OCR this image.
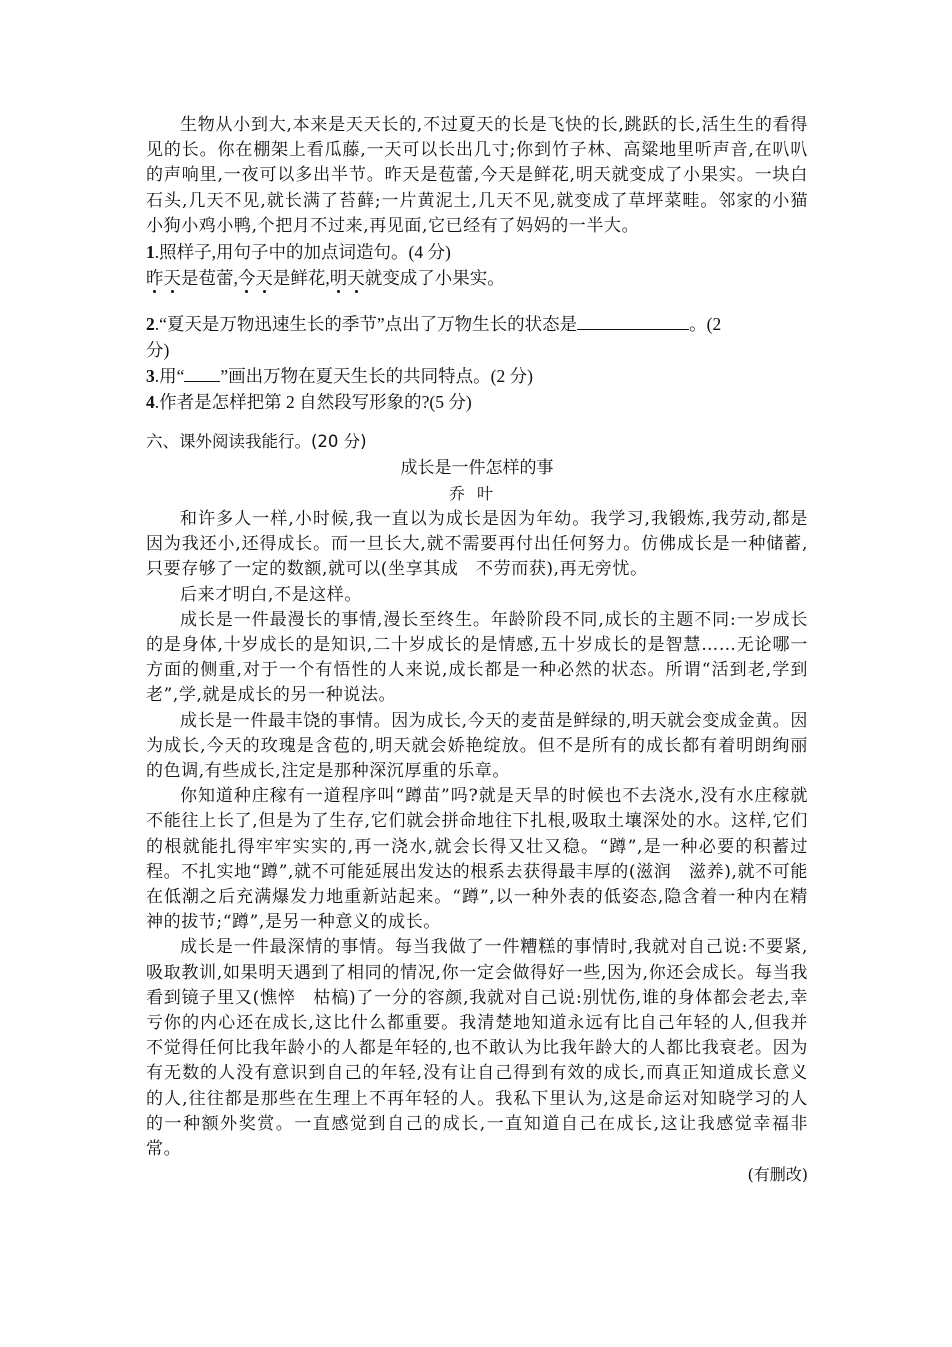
生物从小到大,本来是天天长的,不过夏天的长是飞快的长,跳跃的长,活生生的看得见的长。你在棚架上看瓜藤,一天可以长出几寸;你到竹子林、高粱地里听声音,在叭叭的声响里,一夜可以多出半节。昨天是苞蕾,今天是鲜花,明天就变成了小果实。一块白石头,几天不见,就长满了苔藓;一片黄泥土,几天不见,就变成了草坪菜畦。邻家的小猫小狗小鸡小鸭,个把月不过来,再见面,它已经有了妈妈的一半大。

1.照样子,用句子中的加点词造句。(4 分)

昨天是苞蕾,今天是鲜花,明天就变成了小果实。

2.“夏天是万物迅速生长的季节”点出了万物生长的状态是	。(2
分)

3.用“ ”画出万物在夏天生长的共同特点。(2 分)

4.作者是怎样把第 2 自然段写形象的?(5 分)

六、课外阅读我能行。(20 分)

成长是一件怎样的事

乔叶

和许多人一样,小时候,我一直以为成长是因为年幼。我学习,我锻炼,我劳动,都是因为我还小,还得成长。而一旦长大,就不需要再付出任何努力。仿佛成长是一种储蓄,只要存够了一定的数额,就可以(坐享其成　不劳而获),再无旁忧。

后来才明白,不是这样。

成长是一件最漫长的事情,漫长至终生。年龄阶段不同,成长的主题不同:一岁成长的是身体,十岁成长的是知识,二十岁成长的是情感,五十岁成长的是智慧……无论哪一方面的侧重,对于一个有悟性的人来说,成长都是一种必然的状态。所谓“活到老,学到老”,学,就是成长的另一种说法。

成长是一件最丰饶的事情。因为成长,今天的麦苗是鲜绿的,明天就会变成金黄。因为成长,今天的玫瑰是含苞的,明天就会娇艳绽放。但不是所有的成长都有着明朗绚丽的色调,有些成长,注定是那种深沉厚重的乐章。

你知道种庄稼有一道程序叫“蹲苗”吗?就是天旱的时候也不去浇水,没有水庄稼就不能往上长了,但是为了生存,它们就会拼命地往下扎根,吸取土壤深处的水。这样,它们的根就能扎得牢牢实实的,再一浇水,就会长得又壮又稳。“蹲”,是一种必要的积蓄过程。不扎实地“蹲”,就不可能延展出发达的根系去获得最丰厚的(滋润　滋养),就不可能在低潮之后充满爆发力地重新站起来。“蹲”,以一种外表的低姿态,隐含着一种内在精神的拔节;“蹲”,是另一种意义的成长。

成长是一件最深情的事情。每当我做了一件糟糕的事情时,我就对自己说:不要紧,吸取教训,如果明天遇到了相同的情况,你一定会做得好一些,因为,你还会成长。每当我看到镜子里又(憔悴　枯槁)了一分的容颜,我就对自己说:别忧伤,谁的身体都会老去,幸亏你的内心还在成长,这比什么都重要。我清楚地知道永远有比自己年轻的人,但我并不觉得任何比我年龄小的人都是年轻的,也不敢认为比我年龄大的人都比我衰老。因为有无数的人没有意识到自己的年轻,没有让自己得到有效的成长,而真正知道成长意义的人,往往都是那些在生理上不再年轻的人。我私下里认为,这是命运对知晓学习的人的一种额外奖赏。一直感觉到自己的成长,一直知道自己在成长,这让我感觉幸福非常。

(有删改)
